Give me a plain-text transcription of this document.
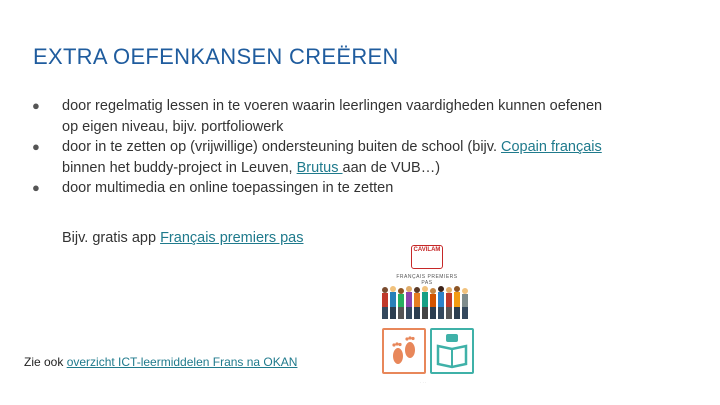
EXTRA OEFENKANSEN CREËREN
● door regelmatig lessen in te voeren waarin leerlingen vaardigheden kunnen oefenen
op eigen niveau, bijv. portfoliowerk
● door in te zetten op (vrijwillige) ondersteuning buiten de school (bijv. Copain français
binnen het buddy-project in Leuven, Brutus aan de VUB…)
● door multimedia en online toepassingen in te zetten

Bijv. gratis app Français premiers pas

CAVILAM
FRANÇAIS PREMIERS PAS
· · ·

Zie ook overzicht ICT-leermiddelen Frans na OKAN
